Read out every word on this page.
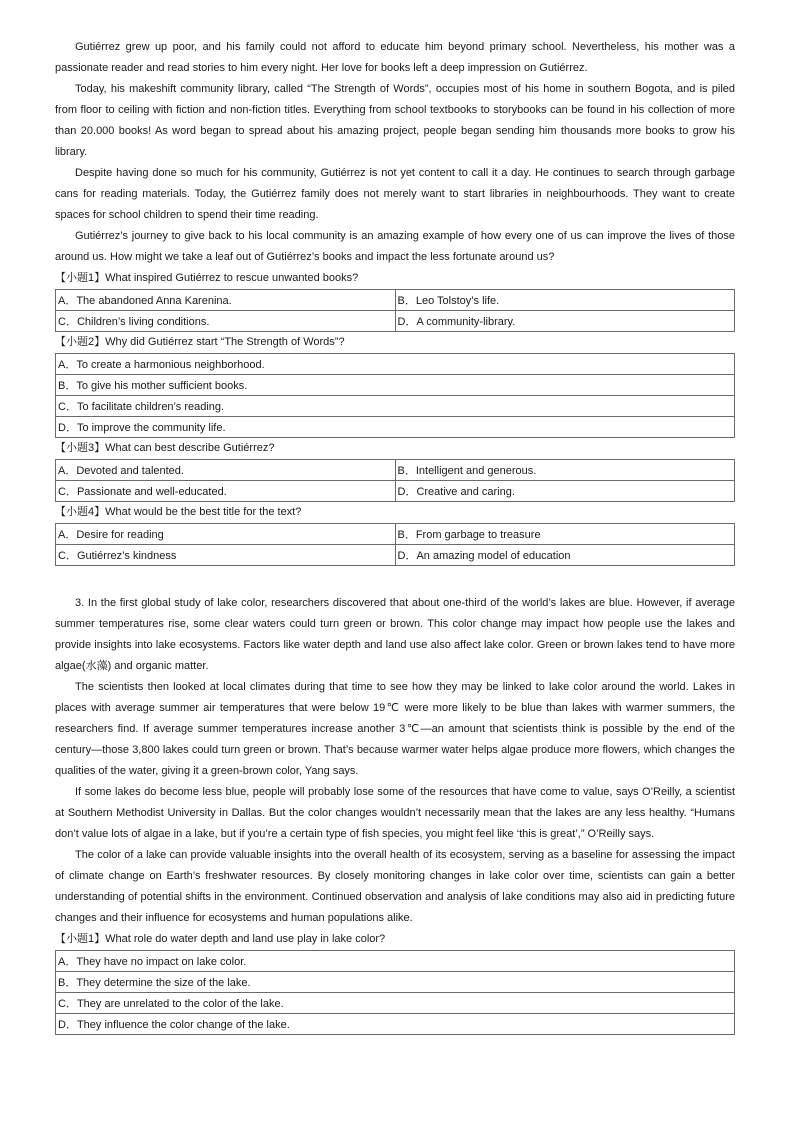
Gutiérrez grew up poor, and his family could not afford to educate him beyond primary school. Nevertheless, his mother was a passionate reader and read stories to him every night. Her love for books left a deep impression on Gutiérrez.

Today, his makeshift community library, called “The Strength of Words”, occupies most of his home in southern Bogota, and is piled from floor to ceiling with fiction and non-fiction titles. Everything from school textbooks to storybooks can be found in his collection of more than 20.000 books! As word began to spread about his amazing project, people began sending him thousands more books to grow his library.

Despite having done so much for his community, Gutiérrez is not yet content to call it a day. He continues to search through garbage cans for reading materials. Today, the Gutiérrez family does not merely want to start libraries in neighbourhoods. They want to create spaces for school children to spend their time reading.

Gutiérrez’s journey to give back to his local community is an amazing example of how every one of us can improve the lives of those around us. How might we take a leaf out of Gutiérrez’s books and impact the less fortunate around us?

【小题1】What inspired Gutiérrez to rescue unwanted books?
A．The abandoned Anna Karenina.	B．Leo Tolstoy’s life.
C．Children’s living conditions.	D．A community-library.
【小题2】Why did Gutiérrez start “The Strength of Words”?
A．To create a harmonious neighborhood.
B．To give his mother sufficient books.
C．To facilitate children’s reading.
D．To improve the community life.
【小题3】What can best describe Gutiérrez?
A．Devoted and talented.	B．Intelligent and generous.
C．Passionate and well-educated.	D．Creative and caring.
【小题4】What would be the best title for the text?
A．Desire for reading	B．From garbage to treasure
C．Gutiérrez’s kindness	D．An amazing model of education

3. In the first global study of lake color, researchers discovered that about one-third of the world’s lakes are blue. However, if average summer temperatures rise, some clear waters could turn green or brown. This color change may impact how people use the lakes and provide insights into lake ecosystems. Factors like water depth and land use also affect lake color. Green or brown lakes tend to have more algae(水藻) and organic matter.

The scientists then looked at local climates during that time to see how they may be linked to lake color around the world. Lakes in places with average summer air temperatures that were below 19℃ were more likely to be blue than lakes with warmer summers, the researchers find. If average summer temperatures increase another 3℃—an amount that scientists think is possible by the end of the century—those 3,800 lakes could turn green or brown. That’s because warmer water helps algae produce more flowers, which changes the qualities of the water, giving it a green-brown color, Yang says.

If some lakes do become less blue, people will probably lose some of the resources that have come to value, says O’Reilly, a scientist at Southern Methodist University in Dallas. But the color changes wouldn’t necessarily mean that the lakes are any less healthy. “Humans don’t value lots of algae in a lake, but if you’re a certain type of fish species, you might feel like ‘this is great’,” O’Reilly says.

The color of a lake can provide valuable insights into the overall health of its ecosystem, serving as a baseline for assessing the impact of climate change on Earth’s freshwater resources. By closely monitoring changes in lake color over time, scientists can gain a better understanding of potential shifts in the environment. Continued observation and analysis of lake conditions may also aid in predicting future changes and their influence for ecosystems and human populations alike.

【小题1】What role do water depth and land use play in lake color?
A．They have no impact on lake color.
B．They determine the size of the lake.
C．They are unrelated to the color of the lake.
D．They influence the color change of the lake.
